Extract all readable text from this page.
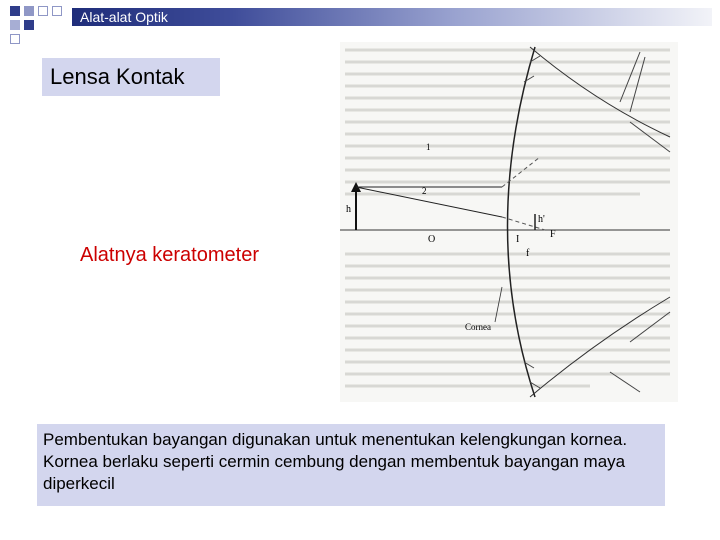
Alat-alat Optik
Lensa Kontak
Alatnya keratometer
h
h'
O	I	F
f
1
2
Cornea
Pembentukan bayangan digunakan untuk menentukan kelengkungan kornea. Kornea berlaku seperti cermin cembung dengan membentuk bayangan maya diperkecil
